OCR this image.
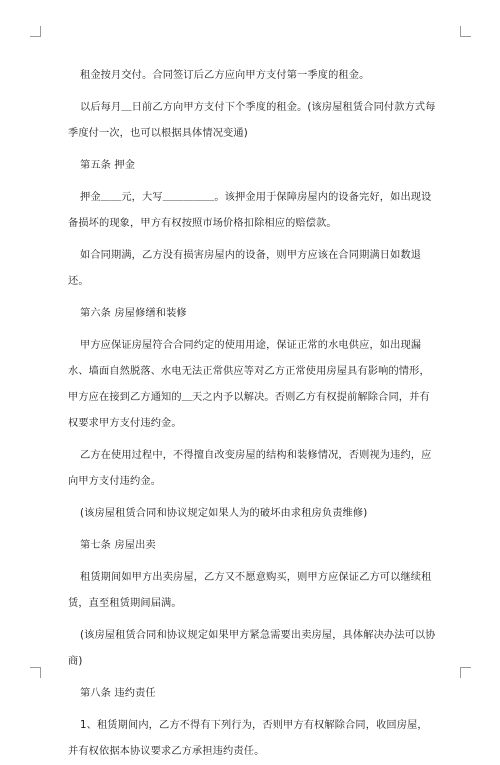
租金按月交付。合同签订后乙方应向甲方支付第一季度的租金。

以后每月＿日前乙方向甲方支付下个季度的租金。(该房屋租赁合同付款方式每季度付一次，也可以根据具体情况变通)

第五条 押金

押金＿＿元，大写＿＿＿＿＿。该押金用于保障房屋内的设备完好，如出现设备损坏的现象，甲方有权按照市场价格扣除相应的赔偿款。

如合同期满，乙方没有损害房屋内的设备，则甲方应该在合同期满日如数退还。

第六条 房屋修缮和装修

甲方应保证房屋符合合同约定的使用用途，保证正常的水电供应，如出现漏水、墙面自然脱落、水电无法正常供应等对乙方正常使用房屋具有影响的情形，甲方应在接到乙方通知的＿天之内予以解决。否则乙方有权提前解除合同，并有权要求甲方支付违约金。

乙方在使用过程中，不得擅自改变房屋的结构和装修情况，否则视为违约，应向甲方支付违约金。

(该房屋租赁合同和协议规定如果人为的破坏由求租房负责维修)

第七条 房屋出卖

租赁期间如甲方出卖房屋，乙方又不愿意购买，则甲方应保证乙方可以继续租赁，直至租赁期间届满。

(该房屋租赁合同和协议规定如果甲方紧急需要出卖房屋，具体解决办法可以协商)

第八条 违约责任

1、租赁期间内，乙方不得有下列行为，否则甲方有权解除合同，收回房屋，并有权依据本协议要求乙方承担违约责任。
